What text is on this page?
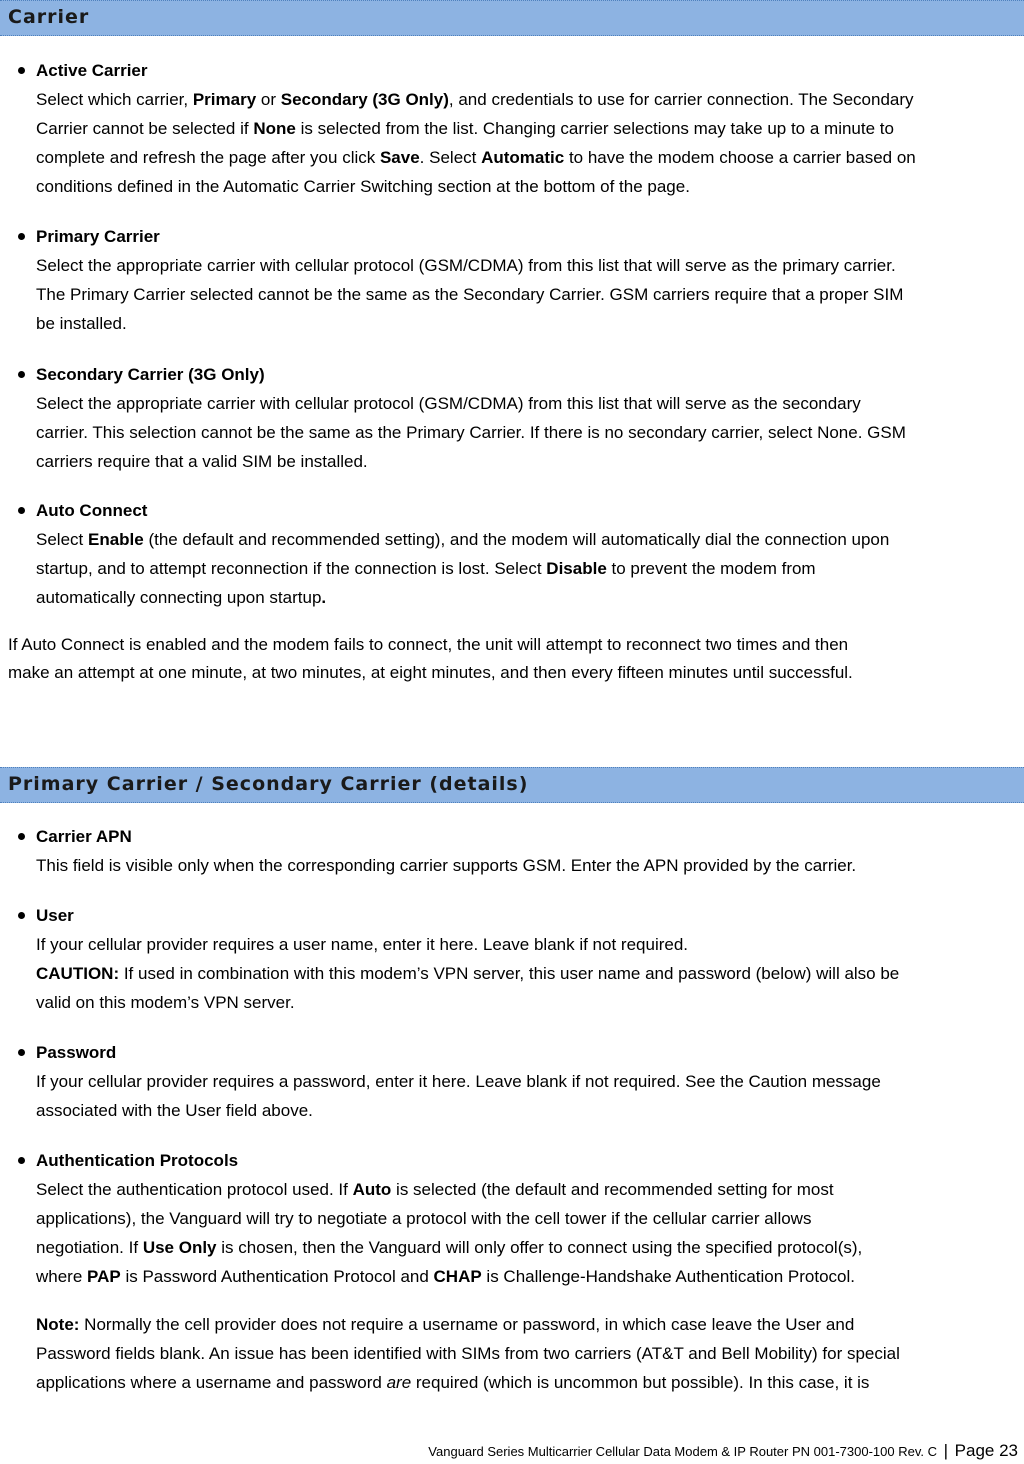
Carrier
Active Carrier
Select which carrier, Primary or Secondary (3G Only), and credentials to use for carrier connection. The Secondary
Carrier cannot be selected if None is selected from the list. Changing carrier selections may take up to a minute to
complete and refresh the page after you click Save. Select Automatic to have the modem choose a carrier based on
conditions defined in the Automatic Carrier Switching section at the bottom of the page.
Primary Carrier
Select the appropriate carrier with cellular protocol (GSM/CDMA) from this list that will serve as the primary carrier.
The Primary Carrier selected cannot be the same as the Secondary Carrier. GSM carriers require that a proper SIM
be installed.
Secondary Carrier (3G Only)
Select the appropriate carrier with cellular protocol (GSM/CDMA) from this list that will serve as the secondary
carrier. This selection cannot be the same as the Primary Carrier. If there is no secondary carrier, select None. GSM
carriers require that a valid SIM be installed.
Auto Connect
Select Enable (the default and recommended setting), and the modem will automatically dial the connection upon
startup, and to attempt reconnection if the connection is lost. Select Disable to prevent the modem from
automatically connecting upon startup.
If Auto Connect is enabled and the modem fails to connect, the unit will attempt to reconnect two times and then
make an attempt at one minute, at two minutes, at eight minutes, and then every fifteen minutes until successful.
Primary Carrier / Secondary Carrier (details)
Carrier APN
This field is visible only when the corresponding carrier supports GSM. Enter the APN provided by the carrier.
User
If your cellular provider requires a user name, enter it here. Leave blank if not required.
CAUTION: If used in combination with this modem’s VPN server, this user name and password (below) will also be
valid on this modem’s VPN server.
Password
If your cellular provider requires a password, enter it here. Leave blank if not required. See the Caution message
associated with the User field above.
Authentication Protocols
Select the authentication protocol used. If Auto is selected (the default and recommended setting for most
applications), the Vanguard will try to negotiate a protocol with the cell tower if the cellular carrier allows
negotiation. If Use Only is chosen, then the Vanguard will only offer to connect using the specified protocol(s),
where PAP is Password Authentication Protocol and CHAP is Challenge-Handshake Authentication Protocol.
Note: Normally the cell provider does not require a username or password, in which case leave the User and
Password fields blank. An issue has been identified with SIMs from two carriers (AT&T and Bell Mobility) for special
applications where a username and password are required (which is uncommon but possible). In this case, it is
Vanguard Series Multicarrier Cellular Data Modem & IP Router PN 001-7300-100 Rev. C | Page 23
